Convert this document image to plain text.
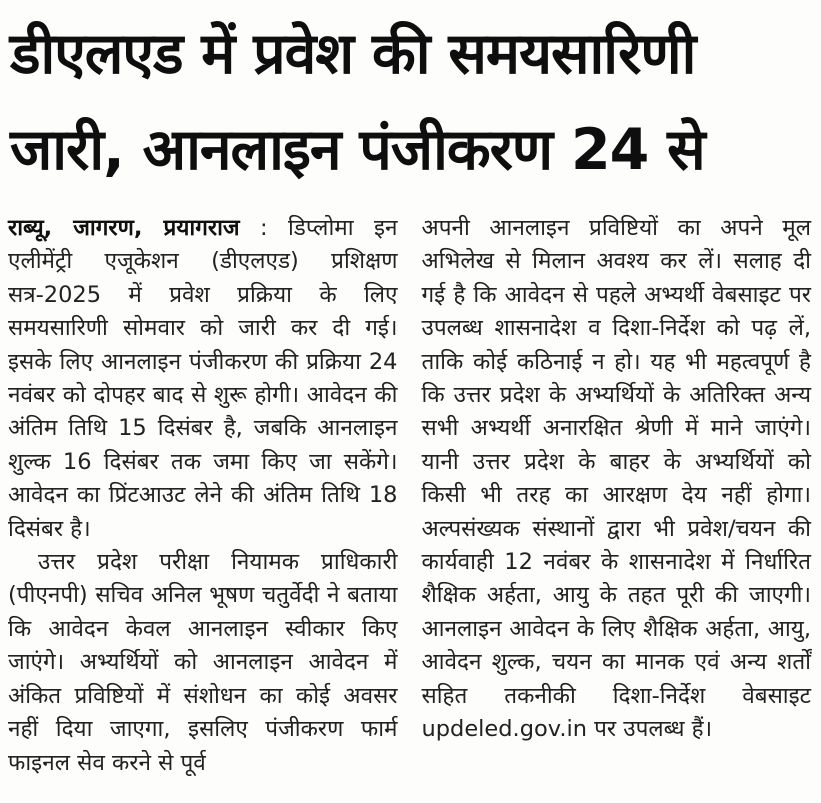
डीएलएड में प्रवेश की समयसारिणी
जारी, आनलाइन पंजीकरण 24 से

राब्यू, जागरण, प्रयागराज : डिप्लोमा इन एलीमेंट्री एजूकेशन (डीएलएड) प्रशिक्षण सत्र-2025 में प्रवेश प्रक्रिया के लिए समयसारिणी सोमवार को जारी कर दी गई। इसके लिए आनलाइन पंजीकरण की प्रक्रिया 24 नवंबर को दोपहर बाद से शुरू होगी। आवेदन की अंतिम तिथि 15 दिसंबर है, जबकि आनलाइन शुल्क 16 दिसंबर तक जमा किए जा सकेंगे। आवेदन का प्रिंटआउट लेने की अंतिम तिथि 18 दिसंबर है।

उत्तर प्रदेश परीक्षा नियामक प्राधिकारी (पीएनपी) सचिव अनिल भूषण चतुर्वेदी ने बताया कि आवेदन केवल आनलाइन स्वीकार किए जाएंगे। अभ्यर्थियों को आनलाइन आवेदन में अंकित प्रविष्टियों में संशोधन का कोई अवसर नहीं दिया जाएगा, इसलिए पंजीकरण फार्म फाइनल सेव करने से पूर्व

अपनी आनलाइन प्रविष्टियों का अपने मूल अभिलेख से मिलान अवश्य कर लें। सलाह दी गई है कि आवेदन से पहले अभ्यर्थी वेबसाइट पर उपलब्ध शासनादेश व दिशा-निर्देश को पढ़ लें, ताकि कोई कठिनाई न हो। यह भी महत्वपूर्ण है कि उत्तर प्रदेश के अभ्यर्थियों के अतिरिक्त अन्य सभी अभ्यर्थी अनारक्षित श्रेणी में माने जाएंगे। यानी उत्तर प्रदेश के बाहर के अभ्यर्थियों को किसी भी तरह का आरक्षण देय नहीं होगा। अल्पसंख्यक संस्थानों द्वारा भी प्रवेश/चयन की कार्यवाही 12 नवंबर के शासनादेश में निर्धारित शैक्षिक अर्हता, आयु के तहत पूरी की जाएगी। आनलाइन आवेदन के लिए शैक्षिक अर्हता, आयु, आवेदन शुल्क, चयन का मानक एवं अन्य शर्तों सहित तकनीकी दिशा-निर्देश वेबसाइट updeled.gov.in पर उपलब्ध हैं।
